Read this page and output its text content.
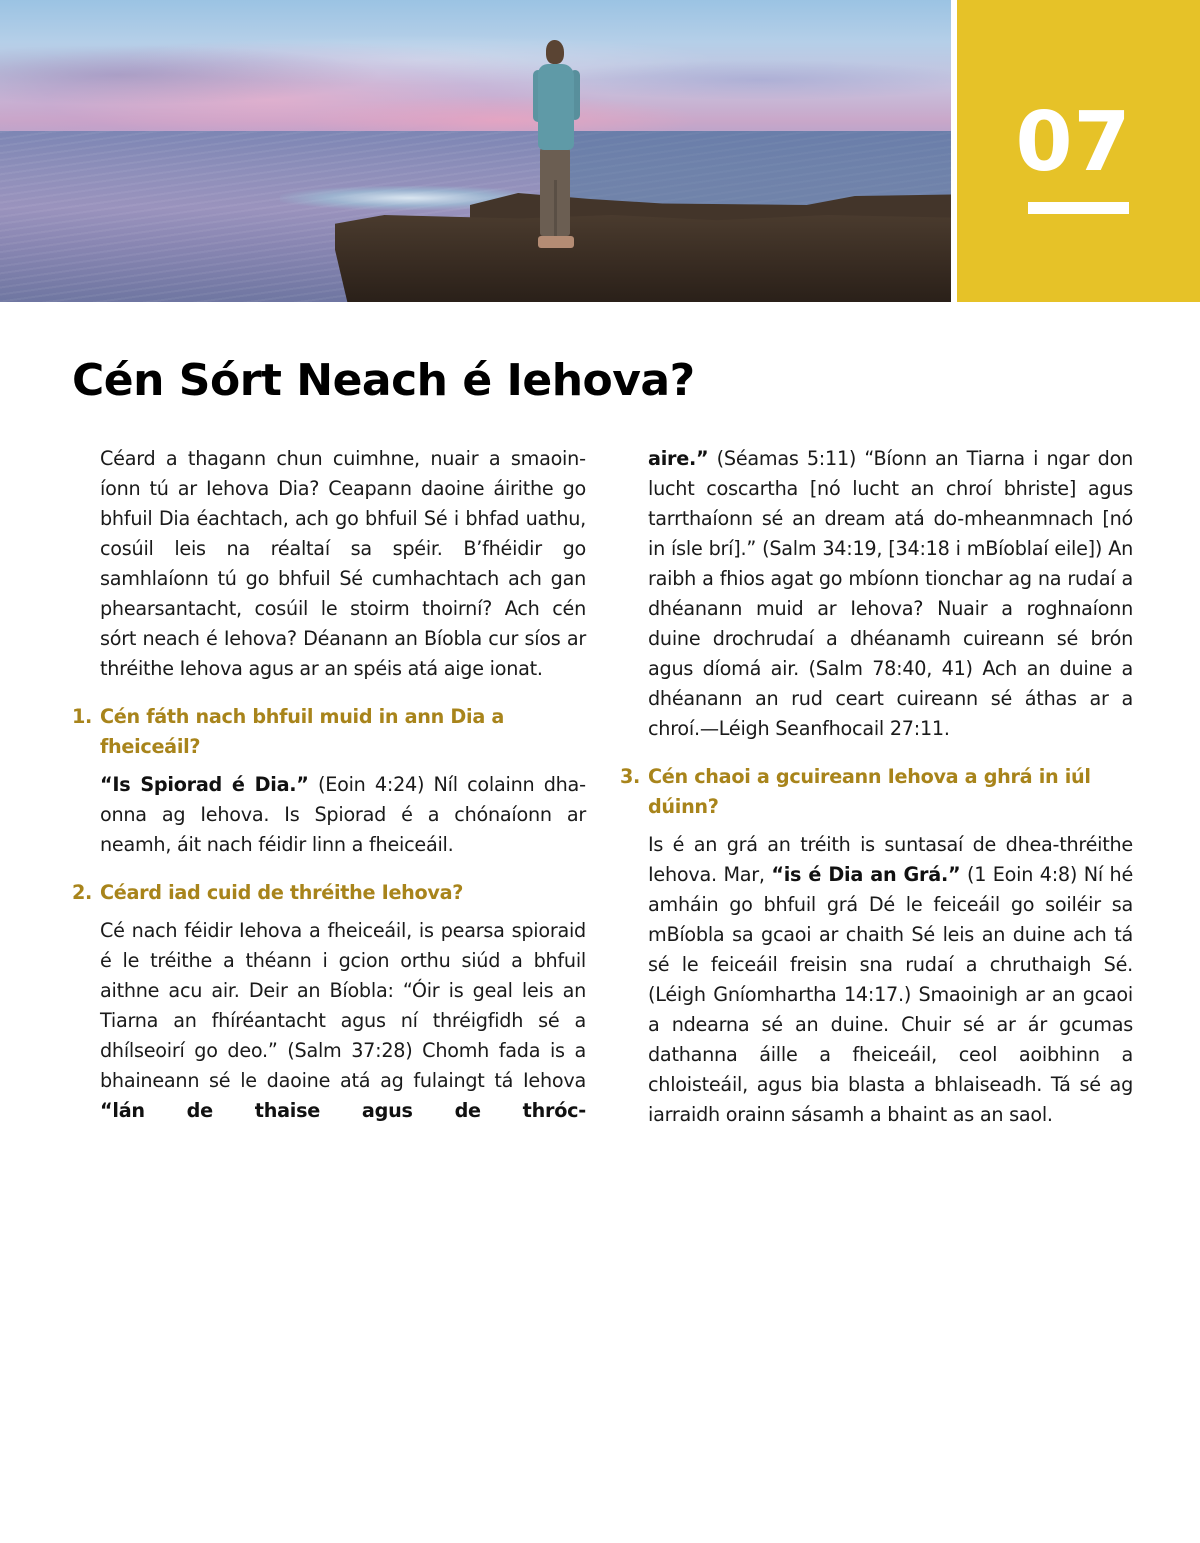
07
Cén Sórt Neach é Iehova?

Céard a thagann chun cuimhne, nuair a smaoiníonn tú ar Iehova Dia? Ceapann daoine áirithe go bhfuil Dia éachtach, ach go bhfuil Sé i bhfad uathu, cosúil leis na réaltaí sa spéir. B’fhéidir go samhlaíonn tú go bhfuil Sé cumhachtach ach gan phearsantacht, cosúil le stoirm thoirní? Ach cén sórt neach é Iehova? Déanann an Bíobla cur síos ar thréithe Iehova agus ar an spéis atá aige ionat.

1. Cén fáth nach bhfuil muid in ann Dia a fheiceáil?

“Is Spiorad é Dia.” (Eoin 4:24) Níl colainn dhaonna ag Iehova. Is Spiorad é a chónaíonn ar neamh, áit nach féidir linn a fheiceáil.

2. Céard iad cuid de thréithe Iehova?

Cé nach féidir Iehova a fheiceáil, is pearsa spioraid é le tréithe a théann i gcion orthu siúd a bhfuil aithne acu air. Deir an Bíobla: “Óir is geal leis an Tiarna an fhíréantacht agus ní thréigfidh sé a dhílseoirí go deo.” (Salm 37:28) Chomh fada is a bhaineann sé le daoine atá ag fulaingt tá Iehova “lán de thaise agus de thróc-

aire.” (Séamas 5:11) “Bíonn an Tiarna i ngar don lucht coscartha [nó lucht an chroí bhriste] agus tarrthaíonn sé an dream atá do-mheanmnach [nó in ísle brí].” (Salm 34:19, [34:18 i mBíoblaí eile]) An raibh a fhios agat go mbíonn tionchar ag na rudaí a dhéanann muid ar Iehova? Nuair a roghnaíonn duine drochrudaí a dhéanamh cuireann sé brón agus díomá air. (Salm 78:40, 41) Ach an duine a dhéanann an rud ceart cuireann sé áthas ar a chroí.—Léigh Seanfhocail 27:11.

3. Cén chaoi a gcuireann Iehova a ghrá in iúl dúinn?

Is é an grá an tréith is suntasaí de dhea-thréithe Iehova. Mar, “is é Dia an Grá.” (1 Eoin 4:8) Ní hé amháin go bhfuil grá Dé le feiceáil go soiléir sa mBíobla sa gcaoi ar chaith Sé leis an duine ach tá sé le feiceáil freisin sna rudaí a chruthaigh Sé. (Léigh Gníomhartha 14:17.) Smaoinigh ar an gcaoi a ndearna sé an duine. Chuir sé ar ár gcumas dathanna áille a fheiceáil, ceol aoibhinn a chloisteáil, agus bia blasta a bhlaiseadh. Tá sé ag iarraidh orainn sásamh a bhaint as an saol.
